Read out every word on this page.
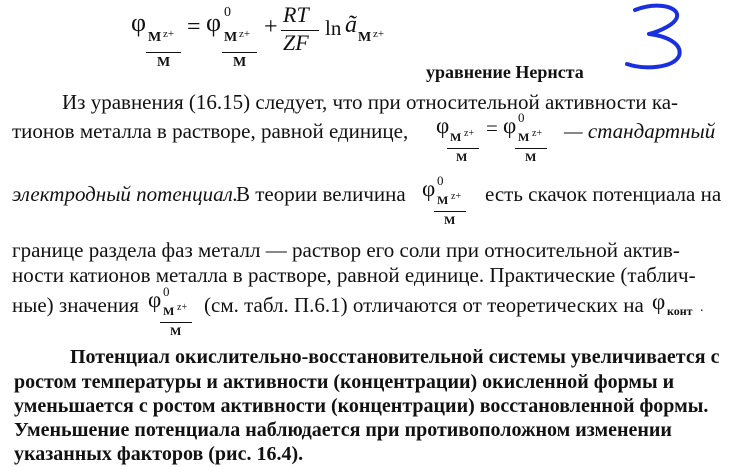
φ
M z+
M
= φ 0
M z+
M
+ RT
ZF
ln ã M z+
уравнение Нернста
Из уравнения (16.15) следует, что при относительной активности ка-
тионов металла в растворе, равной единице, φ M z+
M
= φ 0
M z+
M
— стандартный
электродный потенциал.
В теории величина	есть скачок потенциала на
φ 0
M z+
M
границе раздела фаз металл — раствор его соли при относительной актив-
ности катионов металла в растворе, равной единице. Практические (таблич-
ные) значения	(см. табл. П.6.1) отличаются от теоретических на
φ 0
M z+
M
φ конт .
Потенциал окислительно-восстановительной системы увеличивается с
ростом температуры и активности (концентрации) окисленной формы и
уменьшается с ростом активности (концентрации) восстановленной формы.
Уменьшение потенциала наблюдается при противоположном изменении
указанных факторов (рис. 16.4).
